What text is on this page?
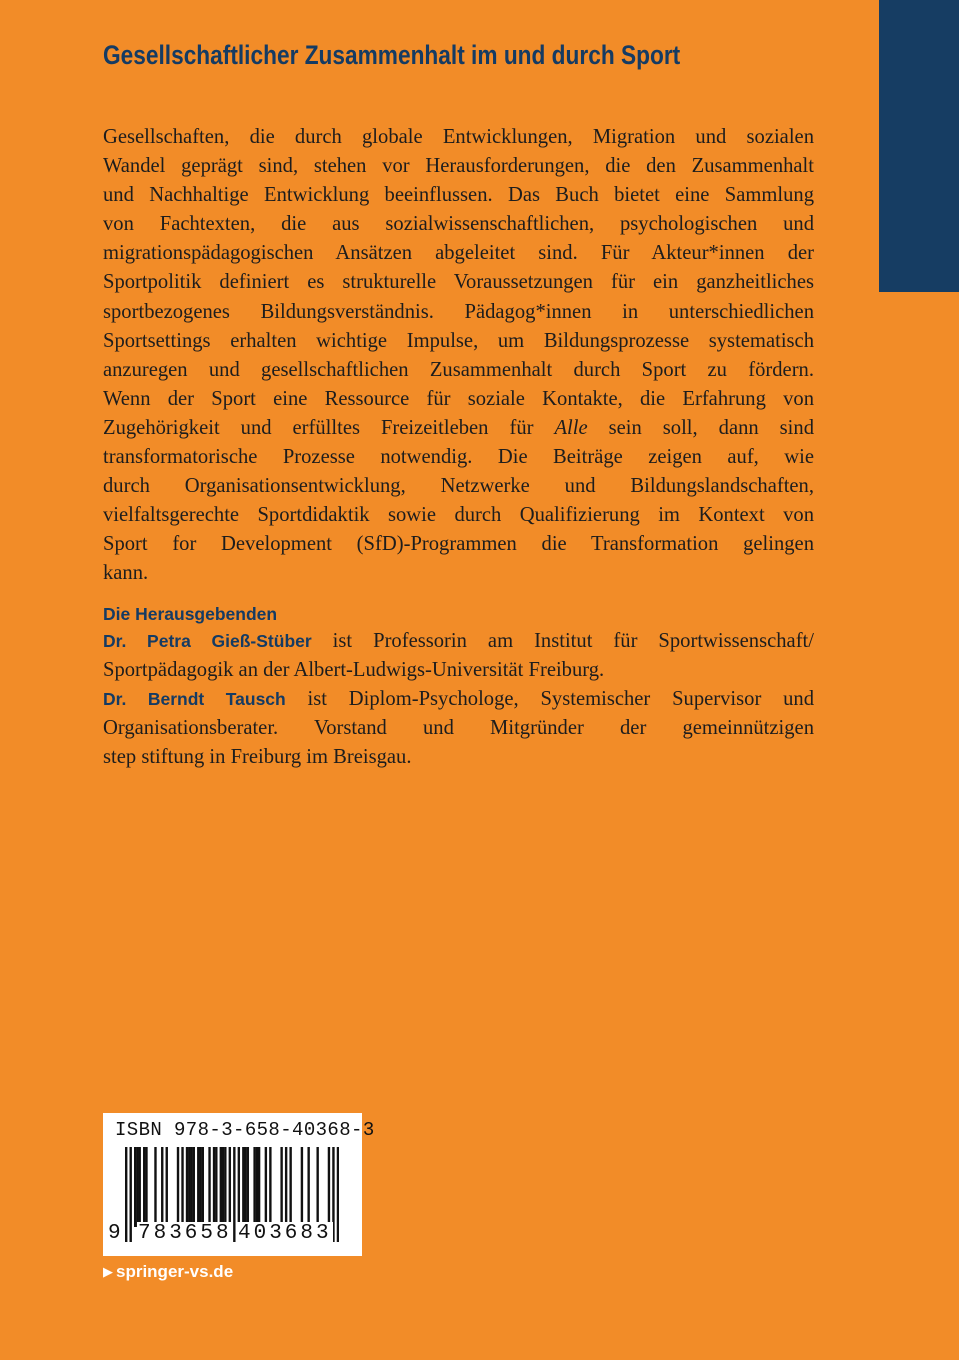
Gesellschaftlicher Zusammenhalt im und durch Sport
Gesellschaften, die durch globale Entwicklungen, Migration und sozialen
Wandel geprägt sind, stehen vor Herausforderungen, die den Zusammenhalt
und Nachhaltige Entwicklung beeinflussen. Das Buch bietet eine Sammlung
von Fachtexten, die aus sozialwissenschaftlichen, psychologischen und
migrationspädagogischen Ansätzen abgeleitet sind. Für Akteur*innen der
Sportpolitik definiert es strukturelle Voraussetzungen für ein ganzheitliches
sportbezogenes Bildungsverständnis. Pädagog*innen in unterschiedlichen
Sportsettings erhalten wichtige Impulse, um Bildungsprozesse systematisch
anzuregen und gesellschaftlichen Zusammenhalt durch Sport zu fördern.
Wenn der Sport eine Ressource für soziale Kontakte, die Erfahrung von
Zugehörigkeit und erfülltes Freizeitleben für Alle sein soll, dann sind
transformatorische Prozesse notwendig. Die Beiträge zeigen auf, wie
durch Organisationsentwicklung, Netzwerke und Bildungslandschaften,
vielfaltsgerechte Sportdidaktik sowie durch Qualifizierung im Kontext von
Sport for Development (SfD)-Programmen die Transformation gelingen
kann.
Die Herausgebenden
Dr. Petra Gieß-Stüber ist Professorin am Institut für Sportwissenschaft/
Sportpädagogik an der Albert-Ludwigs-Universität Freiburg.
Dr. Berndt Tausch ist Diplom-Psychologe, Systemischer Supervisor und
Organisationsberater. Vorstand und Mitgründer der gemeinnützigen
step stiftung in Freiburg im Breisgau.
ISBN 978-3-658-40368-3
9 783658 403683
▶ springer-vs.de
